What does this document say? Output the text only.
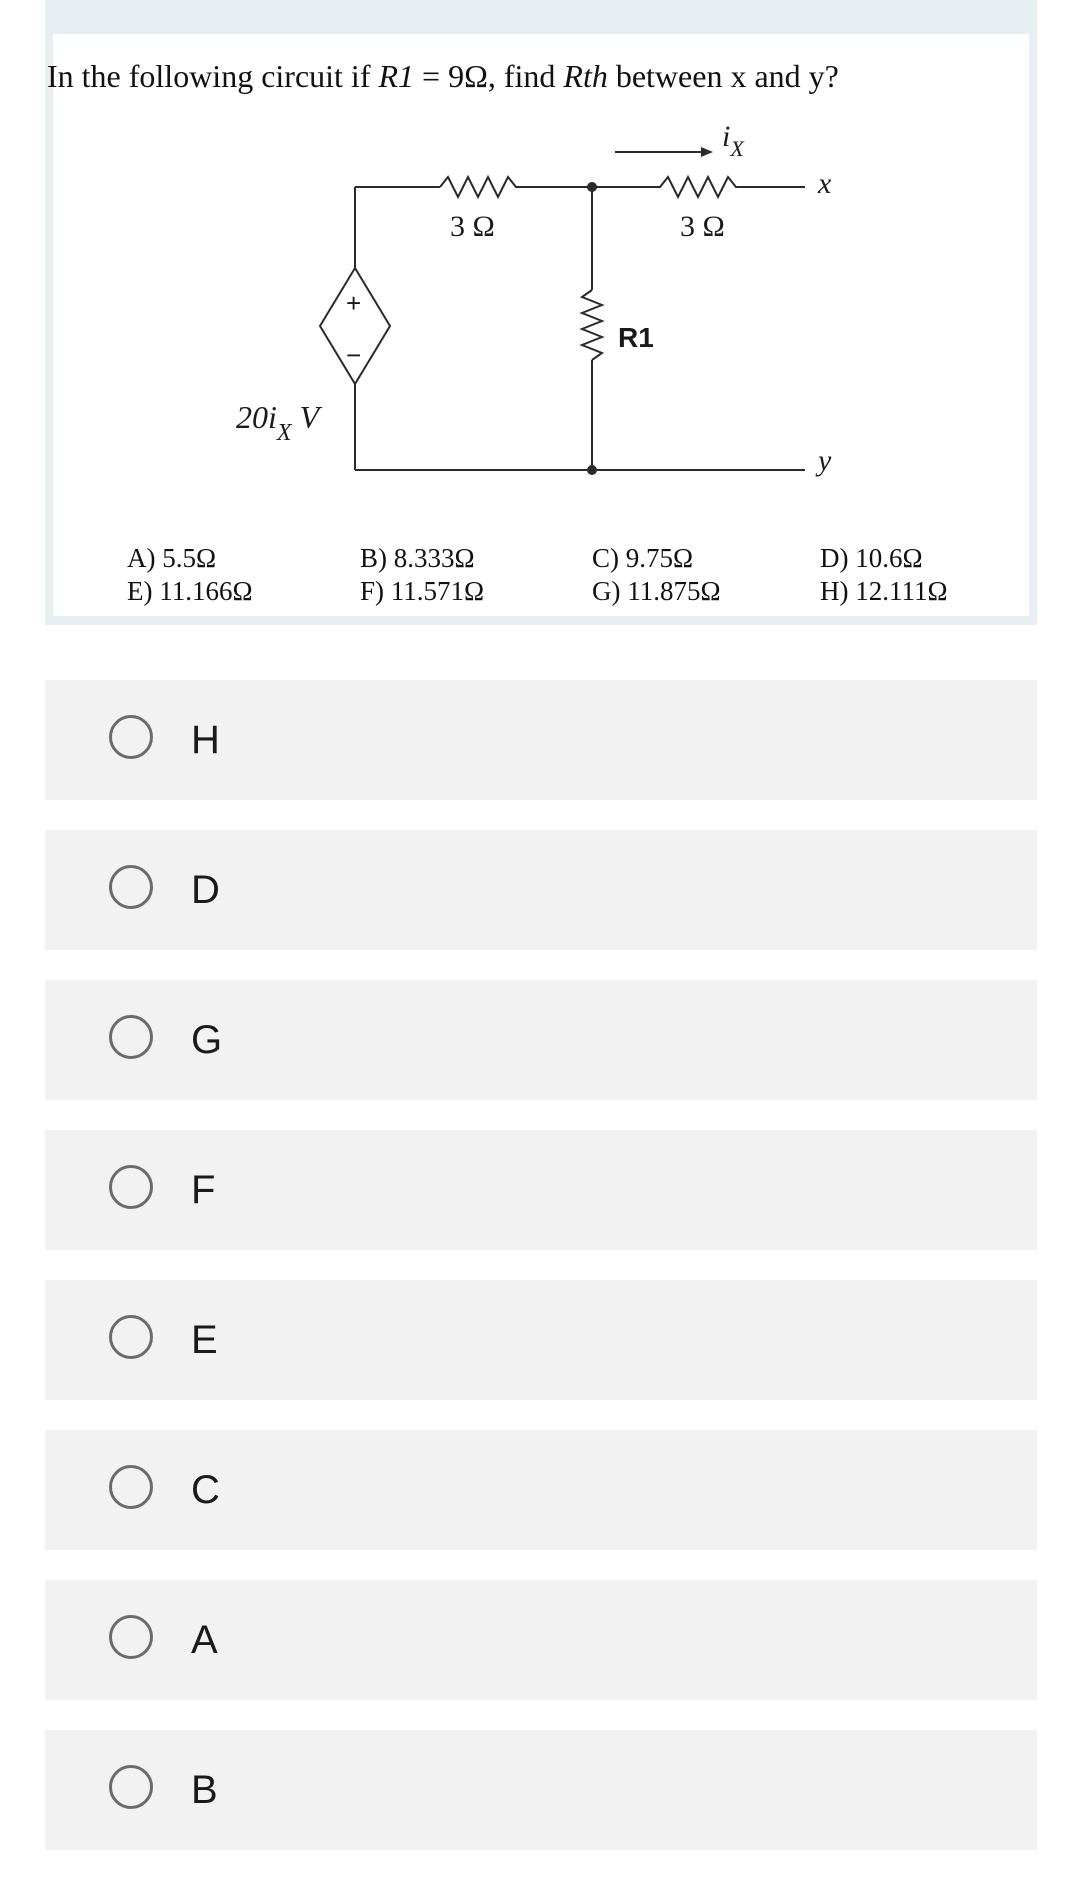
In the following circuit if R1 = 9Ω, find Rth between x and y?

3 Ω	3 Ω
R1
$i_X$
x
y
+
−
$20i_X$ V
A) 5.5Ω
E) 11.166Ω
B) 8.333Ω
F) 11.571Ω
C) 9.75Ω
G) 11.875Ω
D) 10.6Ω
H) 12.111Ω
H
D
G
F
E
C
A
B
